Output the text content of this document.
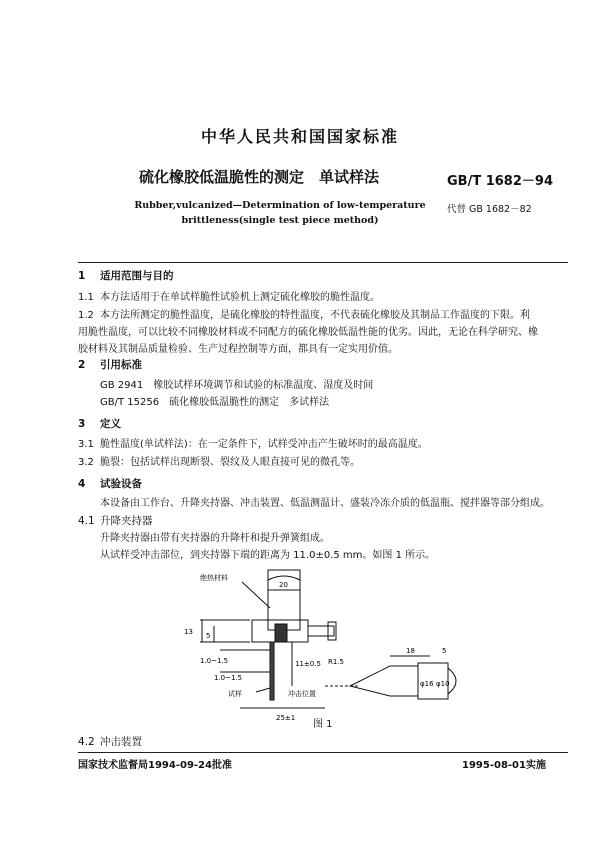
中华人民共和国国家标准
硫化橡胶低温脆性的测定　单试样法	GB/T 1682－94
Rubber,vulcanized—Determination of low-temperature
brittleness(single test piece method)
代替 GB 1682－82
1 适用范围与目的
1.1 本方法适用于在单试样脆性试验机上测定硫化橡胶的脆性温度。
1.2 本方法所测定的脆性温度，是硫化橡胶的特性温度，不代表硫化橡胶及其制品工作温度的下限。利
用脆性温度，可以比较不同橡胶材料或不同配方的硫化橡胶低温性能的优劣。因此，无论在科学研究、橡
胶材料及其制品质量检验、生产过程控制等方面，都具有一定实用价值。
2 引用标准
GB 2941　橡胶试样环境调节和试验的标准温度、湿度及时间
GB/T 15256　硫化橡胶低温脆性的测定　多试样法
3 定义
3.1 脆性温度(单试样法)：在一定条件下，试样受冲击产生破坏时的最高温度。
3.2 脆裂：包括试样出现断裂、裂纹及人眼直接可见的微孔等。
4 试验设备
本设备由工作台、升降夹持器、冲击装置、低温测温计、盛装冷冻介质的低温瓶、搅拌器等部分组成。
4.1 升降夹持器
升降夹持器由带有夹持器的升降杆和提升弹簧组成。
从试样受冲击部位，到夹持器下端的距离为 11.0±0.5 mm。如图 1 所示。
绝热材料
20
13 5
11±0.5
1.0~1.5
1.0~1.5
R1.5
18	5
试样	冲击位置
25±1
φ16 φ10
图 1
4.2 冲击装置
国家技术监督局1994-09-24批准	1995-08-01实施
